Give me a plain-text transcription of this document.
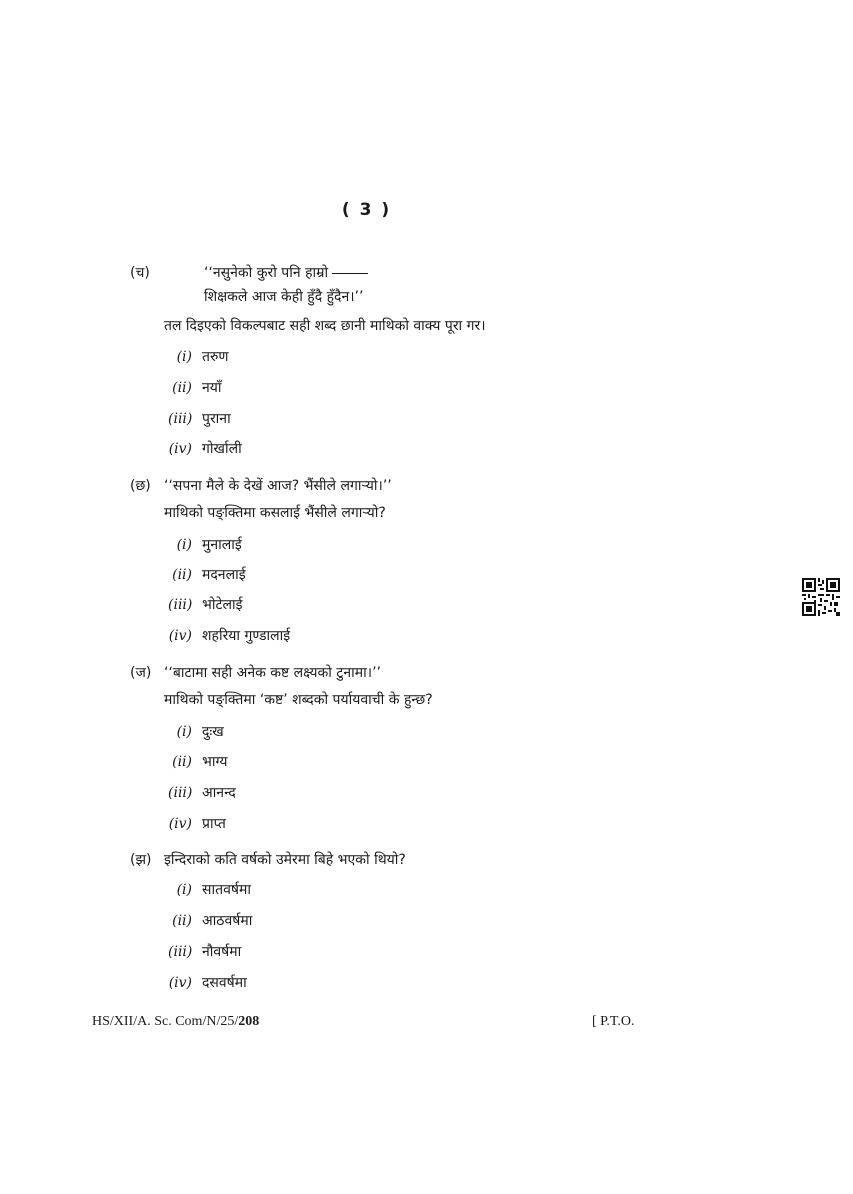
( 3 )
(च)	‘‘नसुनेको कुरो पनि हाम्रो
शिक्षकले आज केही हुँदै हुँदैन।’’
तल दिइएको विकल्पबाट सही शब्द छानी माथिको वाक्य पूरा गर।
(i) तरुण
(ii) नयाँ
(iii) पुराना
(iv) गोर्खाली
(छ) ‘‘सपना मैले के देखें आज? भैंसीले लगाऱ्यो।’’
माथिको पङ्क्तिमा कसलाई भैंसीले लगाऱ्यो?
(i) मुनालाई
(ii) मदनलाई
(iii) भोटेलाई
(iv) शहरिया गुण्डालाई
(ज) ‘‘बाटामा सही अनेक कष्ट लक्ष्यको टुनामा।’’
माथिको पङ्क्तिमा ‘कष्ट’ शब्दको पर्यायवाची के हुन्छ?
(i) दुःख
(ii) भाग्य
(iii) आनन्द
(iv) प्राप्त
(झ) इन्दिराको कति वर्षको उमेरमा बिहे भएको थियो?
(i) सातवर्षमा
(ii) आठवर्षमा
(iii) नौवर्षमा
(iv) दसवर्षमा
HS/XII/A. Sc. Com/N/25/208	[ P.T.O.
